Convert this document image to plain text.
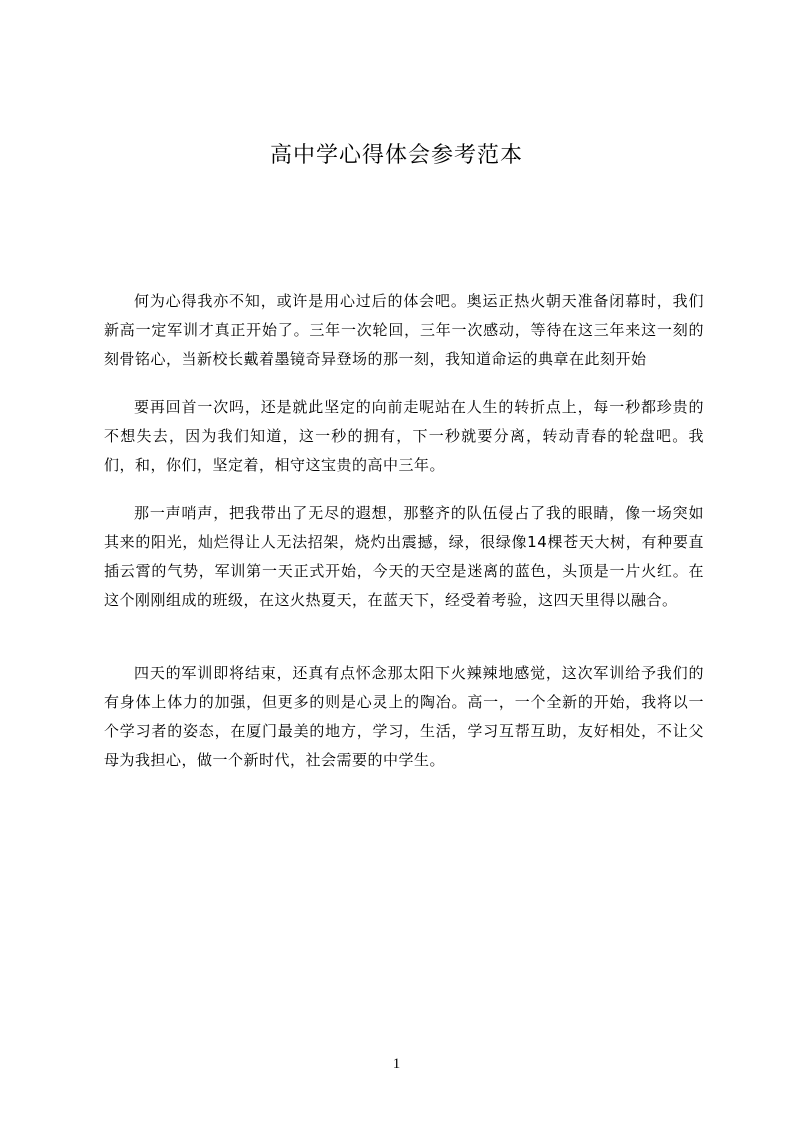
高中学心得体会参考范本

何为心得我亦不知，或许是用心过后的体会吧。奥运正热火朝天准备闭幕时，我们新高一定军训才真正开始了。三年一次轮回，三年一次感动，等待在这三年来这一刻的刻骨铭心，当新校长戴着墨镜奇异登场的那一刻，我知道命运的典章在此刻开始

要再回首一次吗，还是就此坚定的向前走呢站在人生的转折点上，每一秒都珍贵的不想失去，因为我们知道，这一秒的拥有，下一秒就要分离，转动青春的轮盘吧。我们，和，你们，坚定着，相守这宝贵的高中三年。

那一声哨声，把我带出了无尽的遐想，那整齐的队伍侵占了我的眼睛，像一场突如其来的阳光，灿烂得让人无法招架，烧灼出震撼，绿，很绿像14棵苍天大树，有种要直插云霄的气势，军训第一天正式开始，今天的天空是迷离的蓝色，头顶是一片火红。在这个刚刚组成的班级，在这火热夏天，在蓝天下，经受着考验，这四天里得以融合。

四天的军训即将结束，还真有点怀念那太阳下火辣辣地感觉，这次军训给予我们的有身体上体力的加强，但更多的则是心灵上的陶冶。高一，一个全新的开始，我将以一个学习者的姿态，在厦门最美的地方，学习，生活，学习互帮互助，友好相处，不让父母为我担心，做一个新时代，社会需要的中学生。

1
